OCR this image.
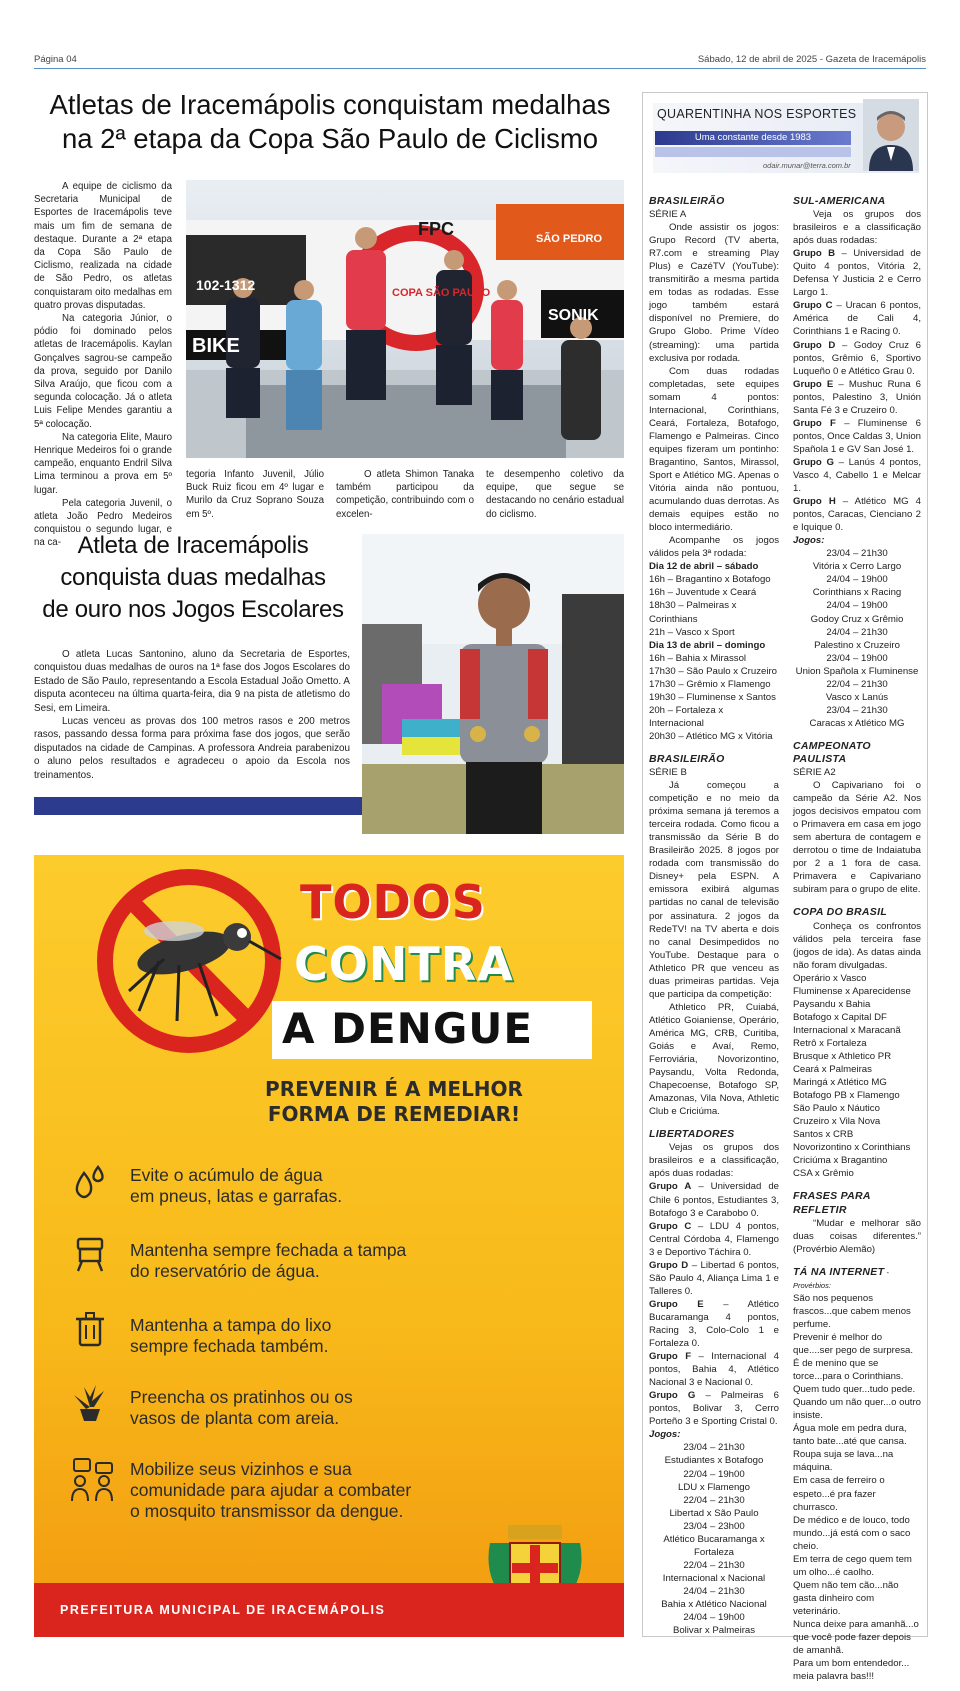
Página 04	Sábado, 12 de abril de 2025 - Gazeta de Iracemápolis
Atletas de Iracemápolis conquistam medalhas
na 2ª etapa da Copa São Paulo de Ciclismo

A equipe de ciclismo da Secretaria Municipal de Esportes de Iracemápolis teve mais um fim de semana de destaque. Durante a 2ª etapa da Copa São Paulo de Ciclismo, realizada na cidade de São Pedro, os atletas conquistaram oito medalhas em quatro provas disputadas.

Na categoria Júnior, o pódio foi dominado pelos atletas de Iracemápolis. Kaylan Gonçalves sagrou-se campeão da prova, seguido por Danilo Silva Araújo, que ficou com a segunda colocação. Já o atleta Luis Felipe Mendes garantiu a 5ª colocação.

Na categoria Elite, Mauro Henrique Medeiros foi o grande campeão, enquanto Endril Silva Lima terminou a prova em 5º lugar.

Pela categoria Juvenil, o atleta João Pedro Medeiros conquistou o segundo lugar, e na ca-

FPC
COPA SÃO PAULO
SÃO PEDRO
BIKE
SONIK
102-1312

tegoria Infanto Juvenil, Júlio Buck Ruiz ficou em 4º lugar e Murilo da Cruz Soprano Souza em 5º.

O atleta Shimon Tanaka também participou da competição, contribuindo com o excelen-

te desempenho coletivo da equipe, que segue se destacando no cenário estadual do ciclismo.

Atleta de Iracemápolis
conquista duas medalhas
de ouro nos Jogos Escolares

O atleta Lucas Santonino, aluno da Secretaria de Esportes, conquistou duas medalhas de ouros na 1ª fase dos Jogos Escolares do Estado de São Paulo, representando a Escola Estadual João Ometto. A disputa aconteceu na última quarta-feira, dia 9 na pista de atletismo do Sesi, em Limeira.

Lucas venceu as provas dos 100 metros rasos e 200 metros rasos, passando dessa forma para próxima fase dos jogos, que serão disputados na cidade de Campinas. A professora Andreia parabenizou o aluno pelos resultados e agradeceu o apoio da Escola nos treinamentos.

TODOS
CONTRA
A DENGUE
PREVENIR É A MELHOR
FORMA DE REMEDIAR!
Evite o acúmulo de água
em pneus, latas e garrafas.
Mantenha sempre fechada a tampa
do reservatório de água.
Mantenha a tampa do lixo
sempre fechada também.
Preencha os pratinhos ou os
vasos de planta com areia.
Mobilize seus vizinhos e sua
comunidade para ajudar a combater
o mosquito transmissor da dengue.
PREFEITURA MUNICIPAL DE IRACEMÁPOLIS
QUARENTINHA NOS ESPORTES
Uma constante desde 1983
odair.munar@terra.com.br
BRASILEIRÃO
SÉRIE A
Onde assistir os jogos: Grupo Record (TV aberta, R7.com e streaming Play Plus) e CazéTV (YouTube): transmitirão a mesma partida em todas as rodadas. Esse jogo também estará disponível no Premiere, do Grupo Globo. Prime Vídeo (streaming): uma partida exclusiva por rodada.
Com duas rodadas completadas, sete equipes somam 4 pontos: Internacional, Corinthians, Ceará, Fortaleza, Botafogo, Flamengo e Palmeiras. Cinco equipes fizeram um pontinho: Bragantino, Santos, Mirassol, Sport e Atlético MG. Apenas o Vitória ainda não pontuou, acumulando duas derrotas. As demais equipes estão no bloco intermediário.
Acompanhe os jogos válidos pela 3ª rodada:
Dia 12 de abril – sábado
16h – Bragantino x Botafogo
16h – Juventude x Ceará
18h30 – Palmeiras x Corinthians
21h – Vasco x Sport
Dia 13 de abril – domingo
16h – Bahia x Mirassol
17h30 – São Paulo x Cruzeiro
17h30 – Grêmio x Flamengo
19h30 – Fluminense x Santos
20h – Fortaleza x Internacional
20h30 – Atlético MG x Vitória
BRASILEIRÃO
SÉRIE B
Já começou a competição e no meio da próxima semana já teremos a terceira rodada. Como ficou a transmissão da Série B do Brasileirão 2025. 8 jogos por rodada com transmissão do Disney+ pela ESPN. A emissora exibirá algumas partidas no canal de televisão por assinatura. 2 jogos da RedeTV! na TV aberta e dois no canal Desimpedidos no YouTube. Destaque para o Athletico PR que venceu as duas primeiras partidas. Veja que participa da competição:
Athletico PR, Cuiabá, Atlético Goianiense, Operário, América MG, CRB, Curitiba, Goiás e Avaí, Remo, Ferroviária, Novorizontino, Paysandu, Volta Redonda, Chapecoense, Botafogo SP, Amazonas, Vila Nova, Athletic Club e Criciúma.
LIBERTADORES
Vejas os grupos dos brasileiros e a classificação, após duas rodadas:
Grupo A – Universidad de Chile 6 pontos, Estudiantes 3, Botafogo 3 e Carabobo 0.
Grupo C – LDU 4 pontos, Central Córdoba 4, Flamengo 3 e Deportivo Táchira 0.
Grupo D – Libertad 6 pontos, São Paulo 4, Aliança Lima 1 e Talleres 0.
Grupo E – Atlético Bucaramanga 4 pontos, Racing 3, Colo-Colo 1 e Fortaleza 0.
Grupo F – Internacional 4 pontos, Bahia 4, Atlético Nacional 3 e Nacional 0.
Grupo G – Palmeiras 6 pontos, Bolivar 3, Cerro Porteño 3 e Sporting Cristal 0.
Jogos:
23/04 – 21h30
Estudiantes x Botafogo
22/04 – 19h00
LDU x Flamengo
22/04 – 21h30
Libertad x São Paulo
23/04 – 23h00
Atlético Bucaramanga x Fortaleza
22/04 – 21h30
Internacional x Nacional
24/04 – 21h30
Bahia x Atlético Nacional
24/04 – 19h00
Bolivar x Palmeiras
SUL-AMERICANA
Veja os grupos dos brasileiros e a classificação após duas rodadas:
Grupo B – Universidad de Quito 4 pontos, Vitória 2, Defensa Y Justicia 2 e Cerro Largo 1.
Grupo C – Uracan 6 pontos, América de Cali 4, Corinthians 1 e Racing 0.
Grupo D – Godoy Cruz 6 pontos, Grêmio 6, Sportivo Luqueño 0 e Atlético Grau 0.
Grupo E – Mushuc Runa 6 pontos, Palestino 3, Unión Santa Fé 3 e Cruzeiro 0.
Grupo F – Fluminense 6 pontos, Once Caldas 3, Union Spañola 1 e GV San José 1.
Grupo G – Lanús 4 pontos, Vasco 4, Cabello 1 e Melcar 1.
Grupo H – Atlético MG 4 pontos, Caracas, Cienciano 2 e Iquique 0.
Jogos:
23/04 – 21h30
Vitória x Cerro Largo
24/04 – 19h00
Corinthians x Racing
24/04 – 19h00
Godoy Cruz x Grêmio
24/04 – 21h30
Palestino x Cruzeiro
23/04 – 19h00
Union Spañola x Fluminense
22/04 – 21h30
Vasco x Lanús
23/04 – 21h30
Caracas x Atlético MG
CAMPEONATO PAULISTA
SÉRIE A2
O Capivariano foi o campeão da Série A2. Nos jogos decisivos empatou com o Primavera em casa em jogo sem abertura de contagem e derrotou o time de Indaiatuba por 2 a 1 fora de casa. Primavera e Capivariano subiram para o grupo de elite.
COPA DO BRASIL
Conheça os confrontos válidos pela terceira fase (jogos de ida). As datas ainda não foram divulgadas.
Operário x Vasco
Fluminense x Aparecidense
Paysandu x Bahia
Botafogo x Capital DF
Internacional x Maracanã
Retrô x Fortaleza
Brusque x Athletico PR
Ceará x Palmeiras
Maringá x Atlético MG
Botafogo PB x Flamengo
São Paulo x Náutico
Cruzeiro x Vila Nova
Santos x CRB
Novorizontino x Corinthians
Criciúma x Bragantino
CSA x Grêmio
FRASES PARA REFLETIR
“Mudar e melhorar são duas coisas diferentes.” (Provérbio Alemão)
TÁ NA INTERNET - Provérbios:
São nos pequenos frascos...que cabem menos perfume.
Prevenir é melhor do que....ser pego de surpresa.
É de menino que se torce...para o Corinthians.
Quem tudo quer...tudo pede.
Quando um não quer...o outro insiste.
Água mole em pedra dura, tanto bate...até que cansa.
Roupa suja se lava...na máquina.
Em casa de ferreiro o espeto...é pra fazer churrasco.
De médico e de louco, todo mundo...já está com o saco cheio.
Em terra de cego quem tem um olho...é caolho.
Quem não tem cão...não gasta dinheiro com veterinário.
Nunca deixe para amanhã...o que você pode fazer depois de amanhã.
Para um bom entendedor... meia palavra bas!!!
